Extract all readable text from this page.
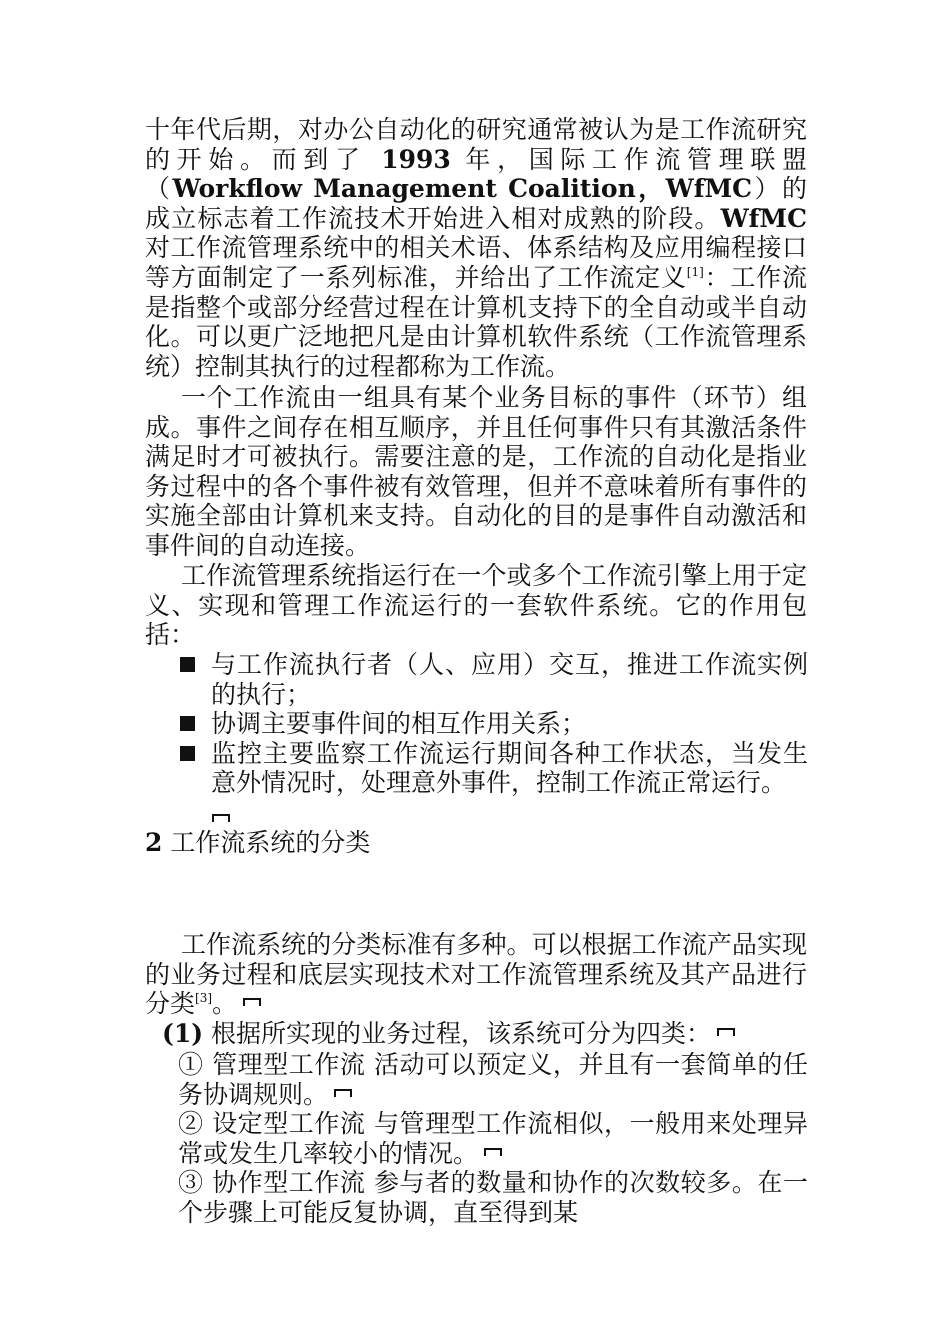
十年代后期，对办公自动化的研究通常被认为是工作流研究的开始。而到了 1993 年，国际工作流管理联盟（Workflow Management Coalition，WfMC）的成立标志着工作流技术开始进入相对成熟的阶段。WfMC 对工作流管理系统中的相关术语、体系结构及应用编程接口等方面制定了一系列标准，并给出了工作流定义[1]：工作流是指整个或部分经营过程在计算机支持下的全自动或半自动化。可以更广泛地把凡是由计算机软件系统（工作流管理系统）控制其执行的过程都称为工作流。

一个工作流由一组具有某个业务目标的事件（环节）组成。事件之间存在相互顺序，并且任何事件只有其激活条件满足时才可被执行。需要注意的是，工作流的自动化是指业务过程中的各个事件被有效管理，但并不意味着所有事件的实施全部由计算机来支持。自动化的目的是事件自动激活和事件间的自动连接。

工作流管理系统指运行在一个或多个工作流引擎上用于定义、实现和管理工作流运行的一套软件系统。它的作用包括：

与工作流执行者（人、应用）交互，推进工作流实例的执行；
协调主要事件间的相互作用关系；
监控主要监察工作流运行期间各种工作状态，当发生意外情况时，处理意外事件，控制工作流正常运行。
2 工作流系统的分类

工作流系统的分类标准有多种。可以根据工作流产品实现的业务过程和底层实现技术对工作流管理系统及其产品进行分类[3]。

(1) 根据所实现的业务过程，该系统可分为四类：

① 管理型工作流 活动可以预定义，并且有一套简单的任务协调规则。

② 设定型工作流 与管理型工作流相似，一般用来处理异常或发生几率较小的情况。

③ 协作型工作流 参与者的数量和协作的次数较多。在一个步骤上可能反复协调，直至得到某
